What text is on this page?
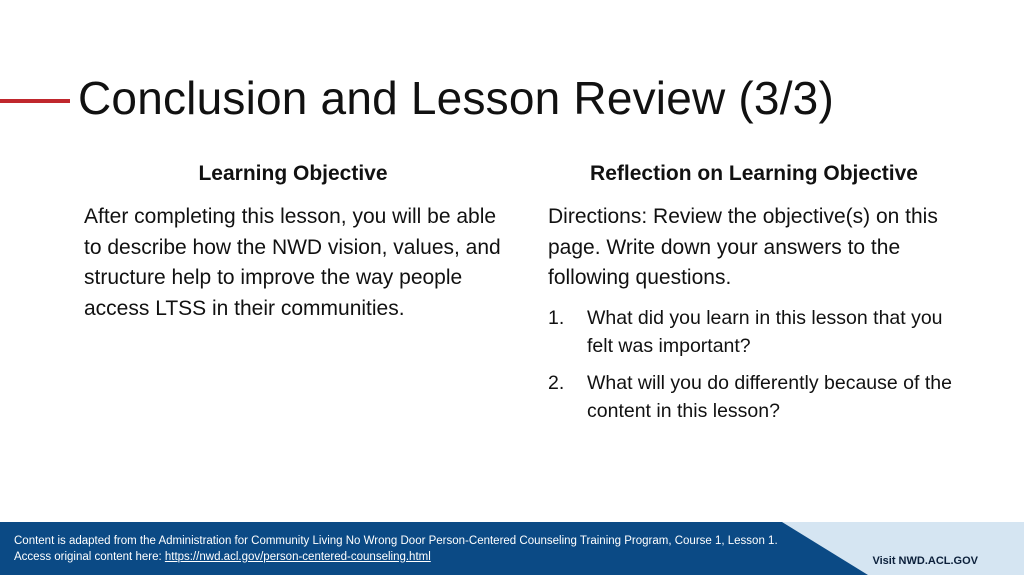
Conclusion and Lesson Review (3/3)
Learning Objective

After completing this lesson, you will be able to describe how the NWD vision, values, and structure help to improve the way people access LTSS in their communities.

Reflection on Learning Objective

Directions: Review the objective(s) on this page. Write down your answers to the following questions.

1. What did you learn in this lesson that you felt was important?
2. What will you do differently because of the content in this lesson?
Content is adapted from the Administration for Community Living No Wrong Door Person-Centered Counseling Training Program, Course 1, Lesson 1.
Access original content here: https://nwd.acl.gov/person-centered-counseling.html	Visit NWD.ACL.GOV
